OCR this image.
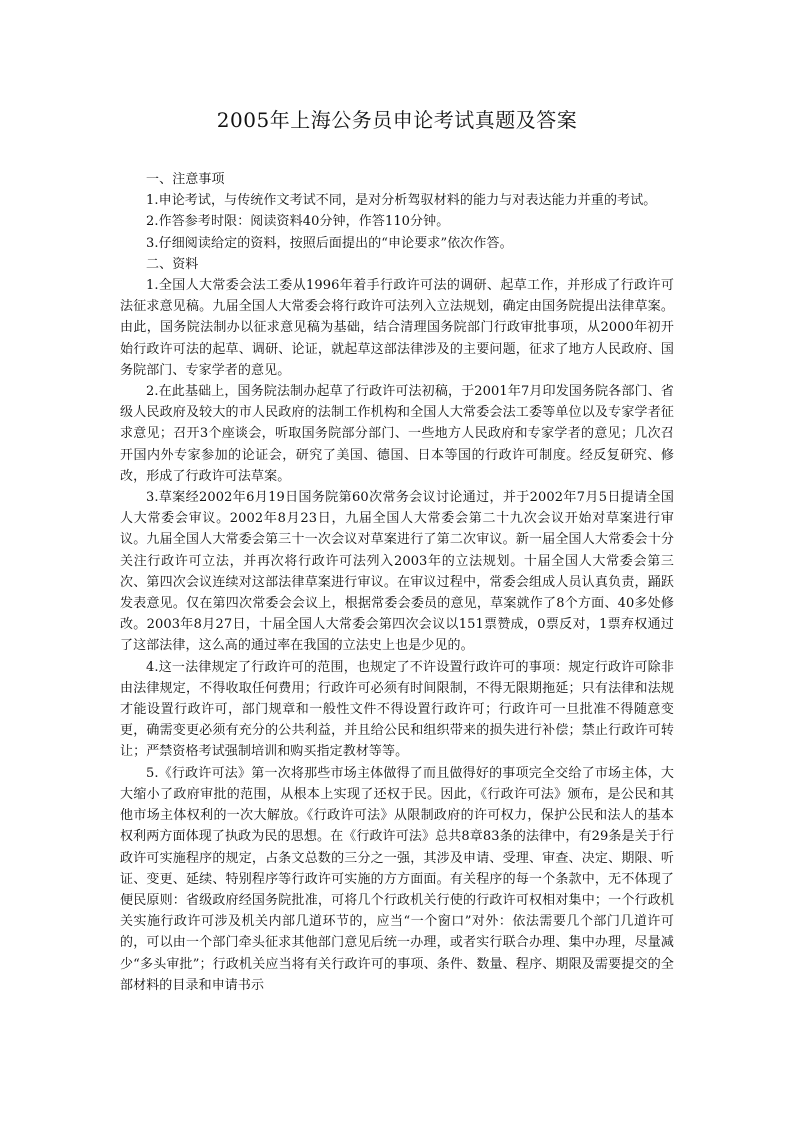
2005年上海公务员申论考试真题及答案

一、注意事项

1.申论考试，与传统作文考试不同，是对分析驾驭材料的能力与对表达能力并重的考试。

2.作答参考时限：阅读资料40分钟，作答110分钟。

3.仔细阅读给定的资料，按照后面提出的“申论要求”依次作答。

二、资料

1.全国人大常委会法工委从1996年着手行政许可法的调研、起草工作，并形成了行政许可法征求意见稿。九届全国人大常委会将行政许可法列入立法规划，确定由国务院提出法律草案。由此，国务院法制办以征求意见稿为基础，结合清理国务院部门行政审批事项，从2000年初开始行政许可法的起草、调研、论证，就起草这部法律涉及的主要问题，征求了地方人民政府、国务院部门、专家学者的意见。

2.在此基础上，国务院法制办起草了行政许可法初稿，于2001年7月印发国务院各部门、省级人民政府及较大的市人民政府的法制工作机构和全国人大常委会法工委等单位以及专家学者征求意见；召开3个座谈会，听取国务院部分部门、一些地方人民政府和专家学者的意见；几次召开国内外专家参加的论证会，研究了美国、德国、日本等国的行政许可制度。经反复研究、修改，形成了行政许可法草案。

3.草案经2002年6月19日国务院第60次常务会议讨论通过，并于2002年7月5日提请全国人大常委会审议。2002年8月23日，九届全国人大常委会第二十九次会议开始对草案进行审议。九届全国人大常委会第三十一次会议对草案进行了第二次审议。新一届全国人大常委会十分关注行政许可立法，并再次将行政许可法列入2003年的立法规划。十届全国人大常委会第三次、第四次会议连续对这部法律草案进行审议。在审议过程中，常委会组成人员认真负责，踊跃发表意见。仅在第四次常委会会议上，根据常委会委员的意见，草案就作了8个方面、40多处修改。2003年8月27日，十届全国人大常委会第四次会议以151票赞成，0票反对，1票弃权通过了这部法律，这么高的通过率在我国的立法史上也是少见的。

4.这一法律规定了行政许可的范围，也规定了不许设置行政许可的事项：规定行政许可除非由法律规定，不得收取任何费用；行政许可必须有时间限制，不得无限期拖延；只有法律和法规才能设置行政许可，部门规章和一般性文件不得设置行政许可；行政许可一旦批准不得随意变更，确需变更必须有充分的公共利益，并且给公民和组织带来的损失进行补偿；禁止行政许可转让；严禁资格考试强制培训和购买指定教材等等。

5.《行政许可法》第一次将那些市场主体做得了而且做得好的事项完全交给了市场主体，大大缩小了政府审批的范围，从根本上实现了还权于民。因此，《行政许可法》颁布，是公民和其他市场主体权利的一次大解放。《行政许可法》从限制政府的许可权力，保护公民和法人的基本权利两方面体现了执政为民的思想。在《行政许可法》总共8章83条的法律中，有29条是关于行政许可实施程序的规定，占条文总数的三分之一强，其涉及申请、受理、审查、决定、期限、听证、变更、延续、特别程序等行政许可实施的方方面面。有关程序的每一个条款中，无不体现了便民原则：省级政府经国务院批准，可将几个行政机关行使的行政许可权相对集中；一个行政机关实施行政许可涉及机关内部几道环节的，应当“一个窗口”对外：依法需要几个部门几道许可的，可以由一个部门牵头征求其他部门意见后统一办理，或者实行联合办理、集中办理，尽量减少“多头审批”；行政机关应当将有关行政许可的事项、条件、数量、程序、期限及需要提交的全部材料的目录和申请书示
